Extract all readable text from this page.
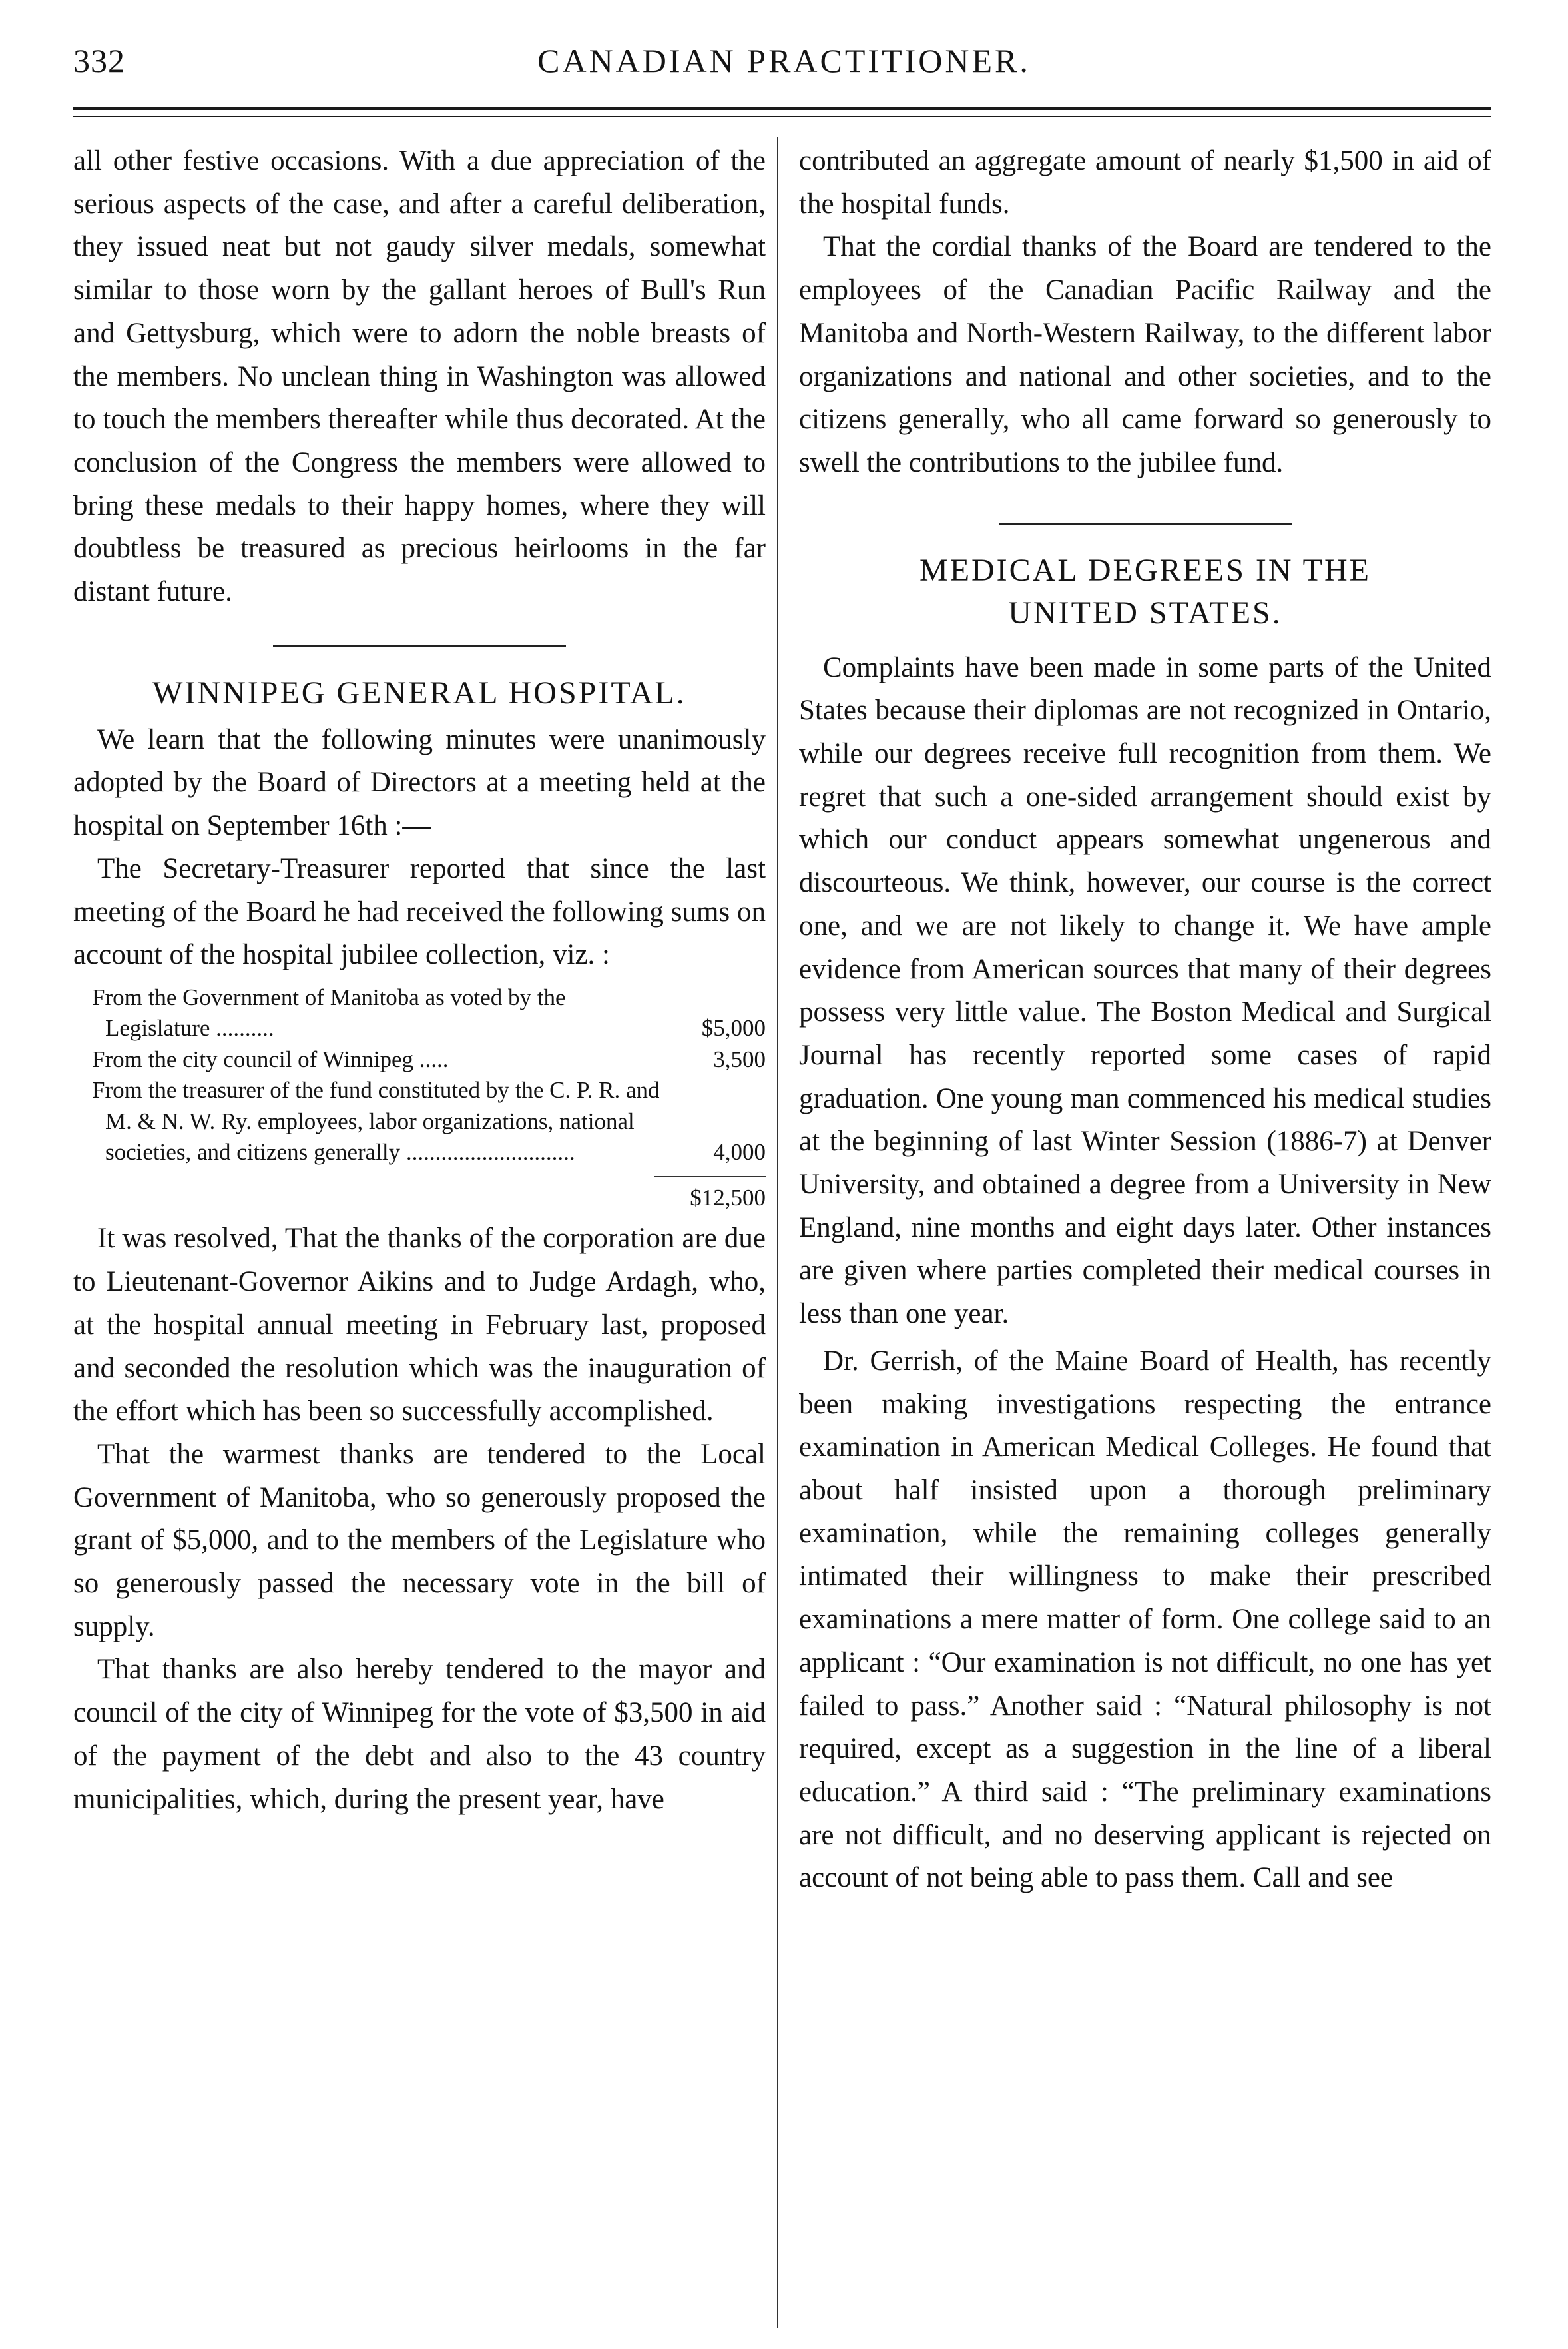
332	CANADIAN PRACTITIONER.

all other festive occasions. With a due appreciation of the serious aspects of the case, and after a careful deliberation, they issued neat but not gaudy silver medals, somewhat similar to those worn by the gallant heroes of Bull's Run and Gettysburg, which were to adorn the noble breasts of the members. No unclean thing in Washington was allowed to touch the members thereafter while thus decorated. At the conclusion of the Congress the members were allowed to bring these medals to their happy homes, where they will doubtless be treasured as precious heirlooms in the far distant future.

WINNIPEG GENERAL HOSPITAL.

We learn that the following minutes were unanimously adopted by the Board of Directors at a meeting held at the hospital on September 16th :—

The Secretary-Treasurer reported that since the last meeting of the Board he had received the following sums on account of the hospital jubilee collection, viz. :

From the Government of Manitoba as voted by the Legislature ..........	$5,000
From the city council of Winnipeg .....	3,500
From the treasurer of the fund constituted by the C. P. R. and M. & N. W. Ry. employees, labor organizations, national societies, and citizens generally .............................	4,000
$12,500

It was resolved, That the thanks of the corporation are due to Lieutenant-Governor Aikins and to Judge Ardagh, who, at the hospital annual meeting in February last, proposed and seconded the resolution which was the inauguration of the effort which has been so successfully accomplished.

That the warmest thanks are tendered to the Local Government of Manitoba, who so generously proposed the grant of $5,000, and to the members of the Legislature who so generously passed the necessary vote in the bill of supply.

That thanks are also hereby tendered to the mayor and council of the city of Winnipeg for the vote of $3,500 in aid of the payment of the debt and also to the 43 country municipalities, which, during the present year, have

contributed an aggregate amount of nearly $1,500 in aid of the hospital funds.

That the cordial thanks of the Board are tendered to the employees of the Canadian Pacific Railway and the Manitoba and North-Western Railway, to the different labor organizations and national and other societies, and to the citizens generally, who all came forward so generously to swell the contributions to the jubilee fund.

MEDICAL DEGREES IN THE UNITED STATES.

Complaints have been made in some parts of the United States because their diplomas are not recognized in Ontario, while our degrees receive full recognition from them. We regret that such a one-sided arrangement should exist by which our conduct appears somewhat ungenerous and discourteous. We think, however, our course is the correct one, and we are not likely to change it. We have ample evidence from American sources that many of their degrees possess very little value. The Boston Medical and Surgical Journal has recently reported some cases of rapid graduation. One young man commenced his medical studies at the beginning of last Winter Session (1886-7) at Denver University, and obtained a degree from a University in New England, nine months and eight days later. Other instances are given where parties completed their medical courses in less than one year.

Dr. Gerrish, of the Maine Board of Health, has recently been making investigations respecting the entrance examination in American Medical Colleges. He found that about half insisted upon a thorough preliminary examination, while the remaining colleges generally intimated their willingness to make their prescribed examinations a mere matter of form. One college said to an applicant : “Our examination is not difficult, no one has yet failed to pass.” Another said : “Natural philosophy is not required, except as a suggestion in the line of a liberal education.” A third said : “The preliminary examinations are not difficult, and no deserving applicant is rejected on account of not being able to pass them. Call and see
